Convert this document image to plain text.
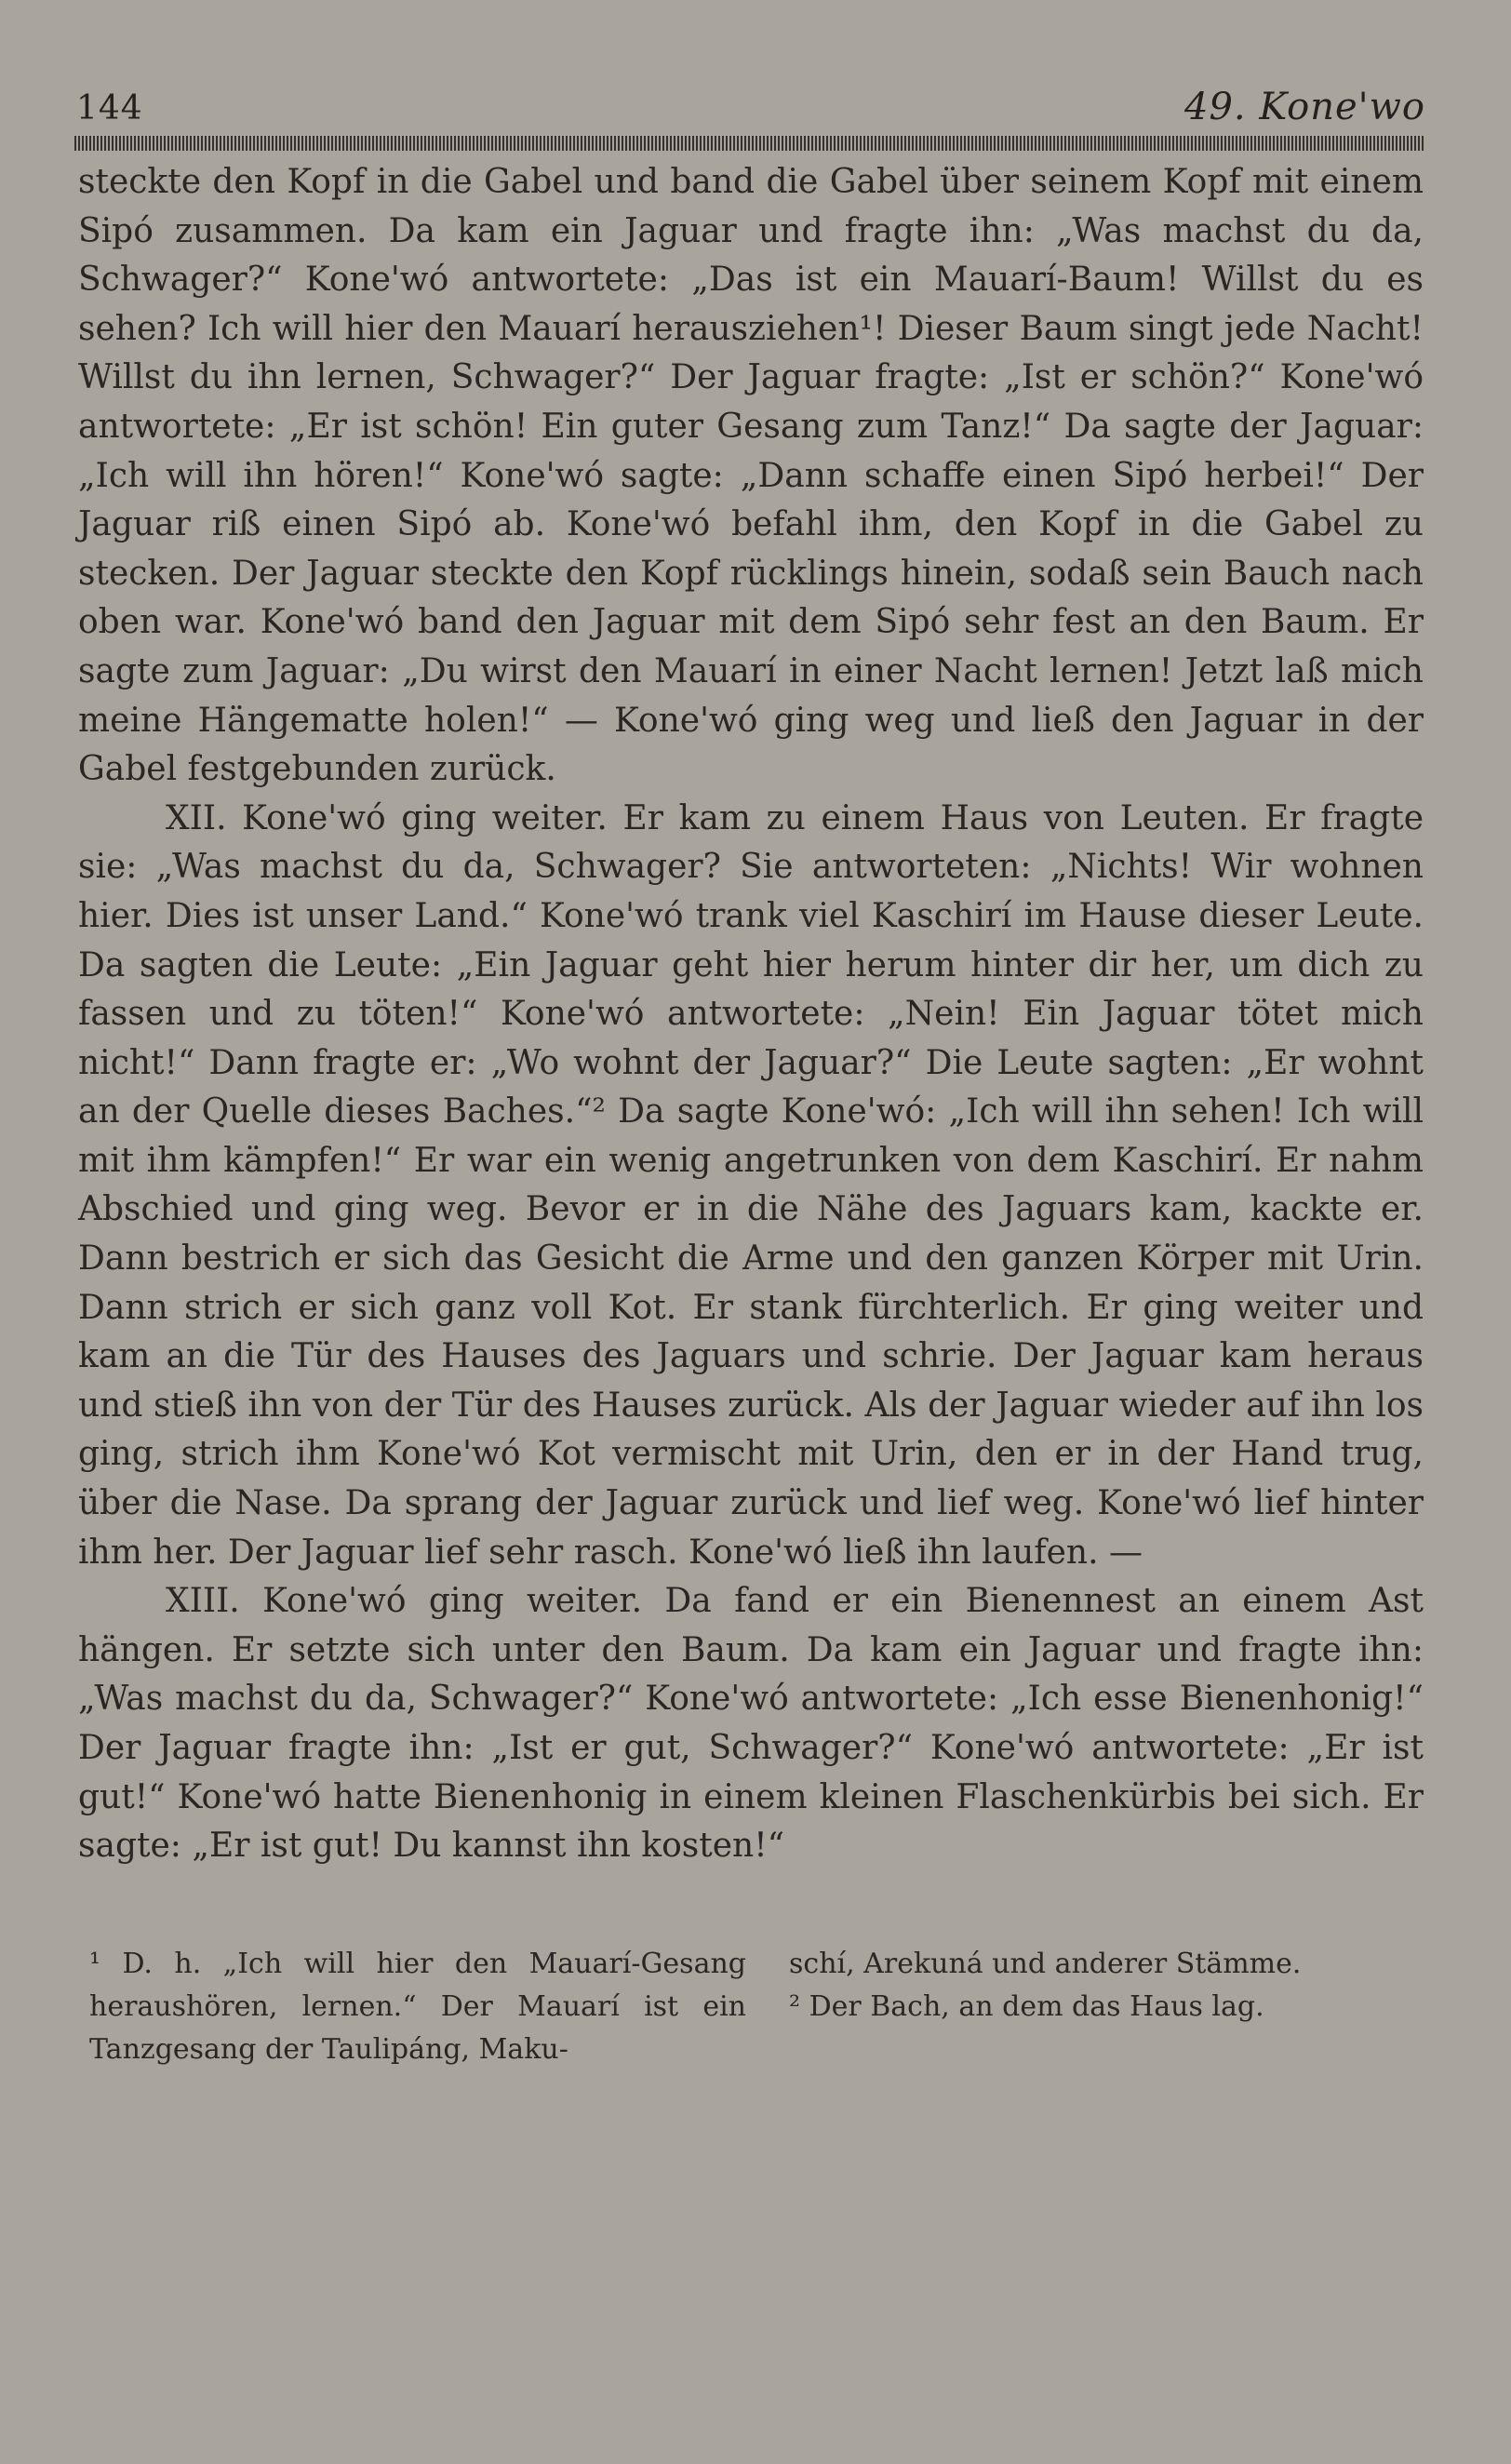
144	49. Kone'wo

steckte den Kopf in die Gabel und band die Gabel über seinem Kopf mit einem Sipó zusammen. Da kam ein Jaguar und fragte ihn: „Was machst du da, Schwager?“ Kone'wó antwortete: „Das ist ein Mauarí-Baum! Willst du es sehen? Ich will hier den Mauarí herausziehen¹! Dieser Baum singt jede Nacht! Willst du ihn lernen, Schwager?“ Der Jaguar fragte: „Ist er schön?“ Kone'wó antwortete: „Er ist schön! Ein guter Gesang zum Tanz!“ Da sagte der Jaguar: „Ich will ihn hören!“ Kone'wó sagte: „Dann schaffe einen Sipó herbei!“ Der Jaguar riß einen Sipó ab. Kone'wó befahl ihm, den Kopf in die Gabel zu stecken. Der Jaguar steckte den Kopf rücklings hinein, sodaß sein Bauch nach oben war. Kone'wó band den Jaguar mit dem Sipó sehr fest an den Baum. Er sagte zum Jaguar: „Du wirst den Mauarí in einer Nacht lernen! Jetzt laß mich meine Hängematte holen!“ — Kone'wó ging weg und ließ den Jaguar in der Gabel festgebunden zurück.

XII. Kone'wó ging weiter. Er kam zu einem Haus von Leuten. Er fragte sie: „Was machst du da, Schwager? Sie antworteten: „Nichts! Wir wohnen hier. Dies ist unser Land.“ Kone'wó trank viel Kaschirí im Hause dieser Leute. Da sagten die Leute: „Ein Jaguar geht hier herum hinter dir her, um dich zu fassen und zu töten!“ Kone'wó antwortete: „Nein! Ein Jaguar tötet mich nicht!“ Dann fragte er: „Wo wohnt der Jaguar?“ Die Leute sagten: „Er wohnt an der Quelle dieses Baches.“² Da sagte Kone'wó: „Ich will ihn sehen! Ich will mit ihm kämpfen!“ Er war ein wenig angetrunken von dem Kaschirí. Er nahm Abschied und ging weg. Bevor er in die Nähe des Jaguars kam, kackte er. Dann bestrich er sich das Gesicht die Arme und den ganzen Körper mit Urin. Dann strich er sich ganz voll Kot. Er stank fürchterlich. Er ging weiter und kam an die Tür des Hauses des Jaguars und schrie. Der Jaguar kam heraus und stieß ihn von der Tür des Hauses zurück. Als der Jaguar wieder auf ihn los ging, strich ihm Kone'wó Kot vermischt mit Urin, den er in der Hand trug, über die Nase. Da sprang der Jaguar zurück und lief weg. Kone'wó lief hinter ihm her. Der Jaguar lief sehr rasch. Kone'wó ließ ihn laufen. —

XIII. Kone'wó ging weiter. Da fand er ein Bienennest an einem Ast hängen. Er setzte sich unter den Baum. Da kam ein Jaguar und fragte ihn: „Was machst du da, Schwager?“ Kone'wó antwortete: „Ich esse Bienenhonig!“ Der Jaguar fragte ihn: „Ist er gut, Schwager?“ Kone'wó antwortete: „Er ist gut!“ Kone'wó hatte Bienenhonig in einem kleinen Flaschenkürbis bei sich. Er sagte: „Er ist gut! Du kannst ihn kosten!“

¹ D. h. „Ich will hier den Mauarí-Gesang heraushören, lernen.“ Der Mauarí ist ein Tanzgesang der Taulipáng, Maku-

schí, Arekuná und anderer Stämme.

² Der Bach, an dem das Haus lag.
